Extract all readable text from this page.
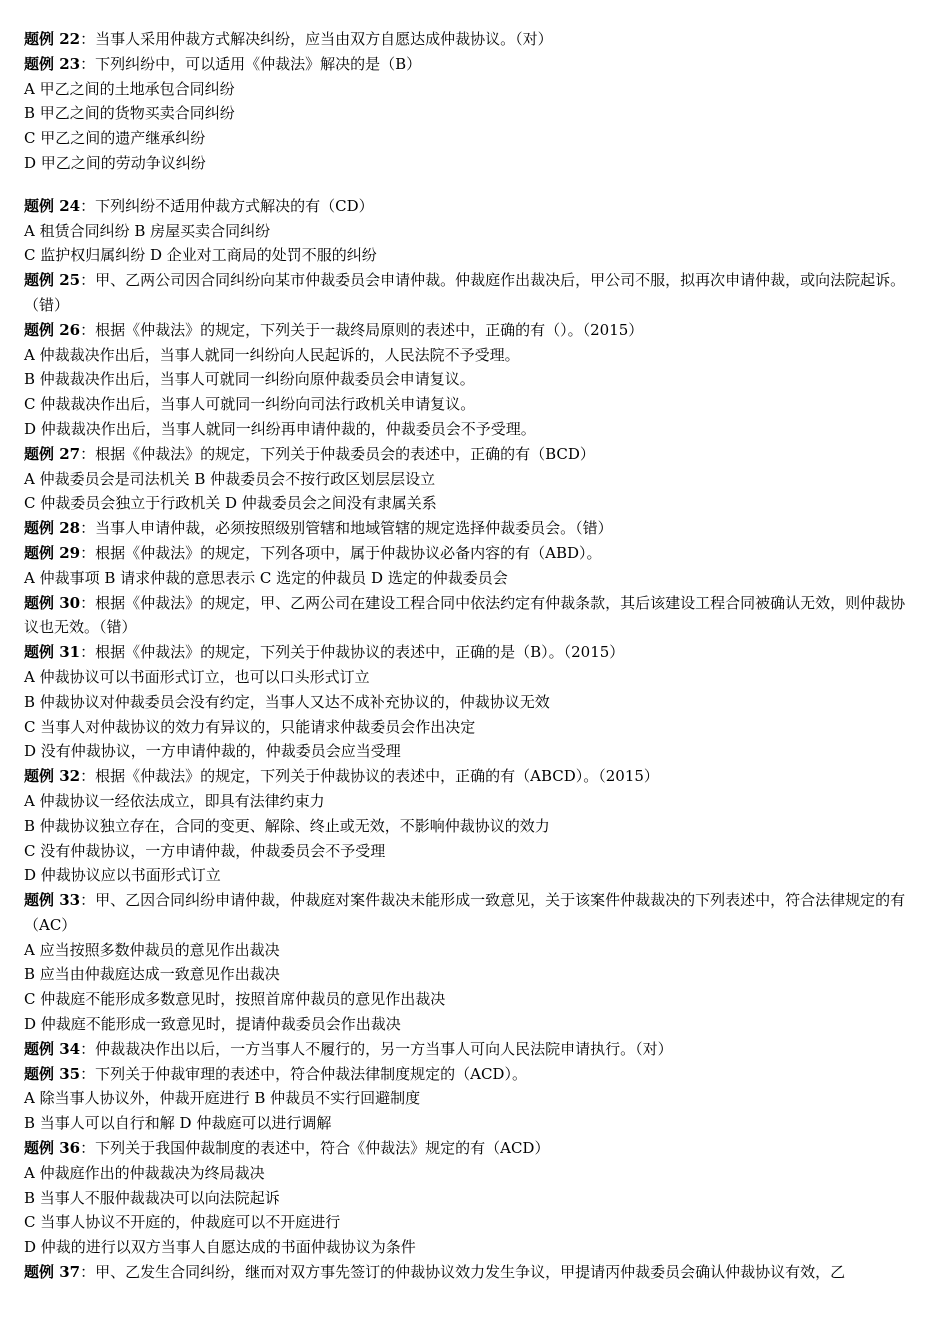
题例 22：当事人采用仲裁方式解决纠纷，应当由双方自愿达成仲裁协议。（对）

题例 23：下列纠纷中，可以适用《仲裁法》解决的是（B）

A 甲乙之间的土地承包合同纠纷

B 甲乙之间的货物买卖合同纠纷

C 甲乙之间的遗产继承纠纷

D 甲乙之间的劳动争议纠纷

题例 24：下列纠纷不适用仲裁方式解决的有（CD）

A 租赁合同纠纷 B 房屋买卖合同纠纷

C 监护权归属纠纷 D 企业对工商局的处罚不服的纠纷

题例 25：甲、乙两公司因合同纠纷向某市仲裁委员会申请仲裁。仲裁庭作出裁决后，甲公司不服，拟再次申请仲裁，或向法院起诉。（错）

题例 26：根据《仲裁法》的规定，下列关于一裁终局原则的表述中，正确的有（）。（2015）

A 仲裁裁决作出后，当事人就同一纠纷向人民起诉的，人民法院不予受理。

B 仲裁裁决作出后，当事人可就同一纠纷向原仲裁委员会申请复议。

C 仲裁裁决作出后，当事人可就同一纠纷向司法行政机关申请复议。

D 仲裁裁决作出后，当事人就同一纠纷再申请仲裁的，仲裁委员会不予受理。

题例 27：根据《仲裁法》的规定，下列关于仲裁委员会的表述中，正确的有（BCD）

A 仲裁委员会是司法机关 B 仲裁委员会不按行政区划层层设立

C 仲裁委员会独立于行政机关 D 仲裁委员会之间没有隶属关系

题例 28：当事人申请仲裁，必须按照级别管辖和地域管辖的规定选择仲裁委员会。（错）

题例 29：根据《仲裁法》的规定，下列各项中，属于仲裁协议必备内容的有（ABD）。

A 仲裁事项 B 请求仲裁的意思表示 C 选定的仲裁员 D 选定的仲裁委员会

题例 30：根据《仲裁法》的规定，甲、乙两公司在建设工程合同中依法约定有仲裁条款，其后该建设工程合同被确认无效，则仲裁协议也无效。（错）

题例 31：根据《仲裁法》的规定，下列关于仲裁协议的表述中，正确的是（B）。（2015）

A 仲裁协议可以书面形式订立，也可以口头形式订立

B 仲裁协议对仲裁委员会没有约定，当事人又达不成补充协议的，仲裁协议无效

C 当事人对仲裁协议的效力有异议的，只能请求仲裁委员会作出决定

D 没有仲裁协议，一方申请仲裁的，仲裁委员会应当受理

题例 32：根据《仲裁法》的规定，下列关于仲裁协议的表述中，正确的有（ABCD）。（2015）

A 仲裁协议一经依法成立，即具有法律约束力

B 仲裁协议独立存在，合同的变更、解除、终止或无效，不影响仲裁协议的效力

C 没有仲裁协议，一方申请仲裁，仲裁委员会不予受理

D 仲裁协议应以书面形式订立

题例 33：甲、乙因合同纠纷申请仲裁，仲裁庭对案件裁决未能形成一致意见，关于该案件仲裁裁决的下列表述中，符合法律规定的有（AC）

A 应当按照多数仲裁员的意见作出裁决

B 应当由仲裁庭达成一致意见作出裁决

C 仲裁庭不能形成多数意见时，按照首席仲裁员的意见作出裁决

D 仲裁庭不能形成一致意见时，提请仲裁委员会作出裁决

题例 34：仲裁裁决作出以后，一方当事人不履行的，另一方当事人可向人民法院申请执行。（对）

题例 35：下列关于仲裁审理的表述中，符合仲裁法律制度规定的（ACD）。

A 除当事人协议外，仲裁开庭进行 B 仲裁员不实行回避制度

B 当事人可以自行和解 D 仲裁庭可以进行调解

题例 36：下列关于我国仲裁制度的表述中，符合《仲裁法》规定的有（ACD）

A 仲裁庭作出的仲裁裁决为终局裁决

B 当事人不服仲裁裁决可以向法院起诉

C 当事人协议不开庭的，仲裁庭可以不开庭进行

D 仲裁的进行以双方当事人自愿达成的书面仲裁协议为条件

题例 37：甲、乙发生合同纠纷，继而对双方事先签订的仲裁协议效力发生争议，甲提请丙仲裁委员会确认仲裁协议有效，乙
